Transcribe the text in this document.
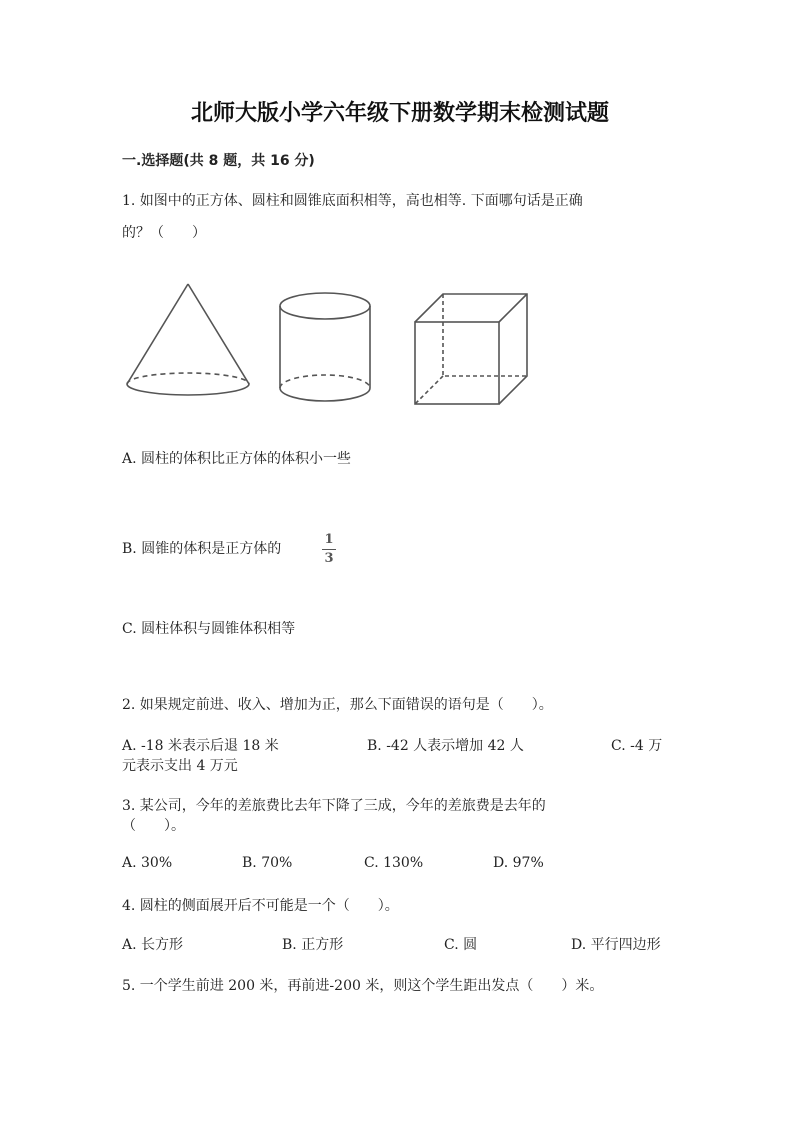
北师大版小学六年级下册数学期末检测试题
一.选择题(共 8 题，共 16 分)
1. 如图中的正方体、圆柱和圆锥底面积相等，高也相等. 下面哪句话是正确
的？（　　）
A. 圆柱的体积比正方体的体积小一些
B. 圆锥的体积是正方体的
1
3
C. 圆柱体积与圆锥体积相等
2. 如果规定前进、收入、增加为正，那么下面错误的语句是（　　）。
A. -18 米表示后退 18 米	B. -42 人表示增加 42 人	C. -4 万
元表示支出 4 万元
3. 某公司，今年的差旅费比去年下降了三成，今年的差旅费是去年的
（　　）。
A. 30%	B. 70%	C. 130%	D. 97%
4. 圆柱的侧面展开后不可能是一个（　　）。
A. 长方形	B. 正方形	C. 圆	D. 平行四边形
5. 一个学生前进 200 米，再前进-200 米，则这个学生距出发点（　　）米。
